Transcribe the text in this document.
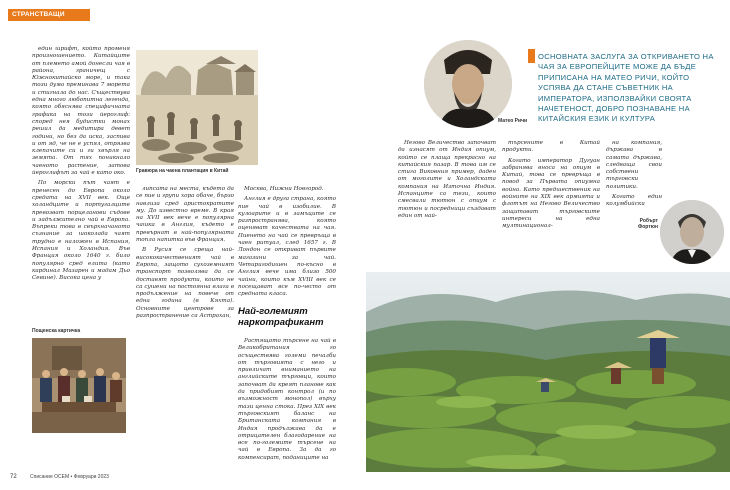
СТРАНСТВАЩИ ЗАПИСКИ

един шрифт, който променя произношението. Китайците от племето амой донесли чая в района, граничещ с Южнокитайско море, и така този дума преминава 7 морета и стигнала до нас. Съществува една много любопитна легенда, която обяснява специфичната графика на този йероглиф: според нея будистки монах решил да медитира девет години, но без да иска, заспива и от яд, че не е успял, отрязва клепачите си и ги хвърля на земята. От тях поникнало чаеното растение, затова йероглифът за чай е като око.

По морски път чаят е пренесен до Европа около средата на XVII век. Още холандците и португалците превозват порцеланови съдове и задължително чай в Европа. Въпреки това в свърхначаното съзнание за шоколада чаят трудно е наложен в Испания, Испания и Холандия. Във Франция около 1640 г. било популярно сред елита (като кардинал Мазарен и мадам Дьо Севине). Висока цена у

Гравюра на чаена плантация в Китай

липсата на места, където да се пие и групи хора обаче, бързо навлиза сред аристократите му. До известно време. В края на XVII век вече е популярна чашка в Англия, където е превърнат в най-популярната топла напитка във Франция.

В Русия се среща най-висококачественият чай в Европа, защото сухоземният транспорт позволява да се доставят продукти, които не са сушени на постоянна влага в продължение на повече от една година (в Кяхта). Основните центрове за разпространение са Астрахан,

Москва, Нижни Новгород.

Англия е друга страна, която пие чай в изобилие. В кулоарите и в замъците се разпространява, която оценяват качествата на чая. Пиенето на чай се превръща в чаен ритуал, след 1657 г. В Лондон се откриват първите магазини за чай. Четиригодишен по-късно в Англия вече има близо 500 чайни, които към XVIII век се посещават все по-често от средната класа.

Пощенска картичка
Най-големият наркотрафикант

Растящото търсене на чай в Великобритания го осъществява големи печалби от търговията с него и привличат вниманието на английските търговци, които започват да креят планове как да придобият контрол (и по възможност монопол) върху тази ценна стока. През XIX век търговският баланс на Британската компания в Индия продължава да е отрицателен благодарение на все по-големите търсене на чай в Европа. За да го компенсират, поданиците на

Матео Ричи
ОСНОВНАТА ЗАСЛУГА ЗА ОТКРИВАНЕТО НА ЧАЯ ЗА ЕВРОПЕЙЦИТЕ МОЖЕ ДА БЪДЕ ПРИПИСАНА НА МАТЕО РИЧИ, КОЙТО УСПЯВА ДА СТАНЕ СЪВЕТНИК НА ИМПЕРАТОРА, ИЗПОЛЗВАЙКИ СВОЯТА НАЧЕТЕНОСТ, ДОБРО ПОЗНАВАНЕ НА КИТАЙСКИЯ ЕЗИК И КУЛТУРА

Негово Величество започват да изнасят от Индия опиум, който се плаща прекрасно на китайския пазар. В това им се стига Виковния пример, даден от моголите и Холандската компания на Източна Индия. Испанците са тези, които смесвали тютюн с опиум с тютюн и посредници създават един от най-

търсените в Китай продукти.

Когато император Дугуан забранява вноса на опиум в Китай, това се превръща в повод за Първата опиумна война. Като предшественик на войните на XIX век армията и флотът на Негово Величество защитават търговските интереси на една мултинационал-

на компания, държава в самата държава, следваща свои собствени търговски политики.

Когато един колумбийски

Робърт Фортюн
72	Списание ОСЕМ • Февруари 2023
